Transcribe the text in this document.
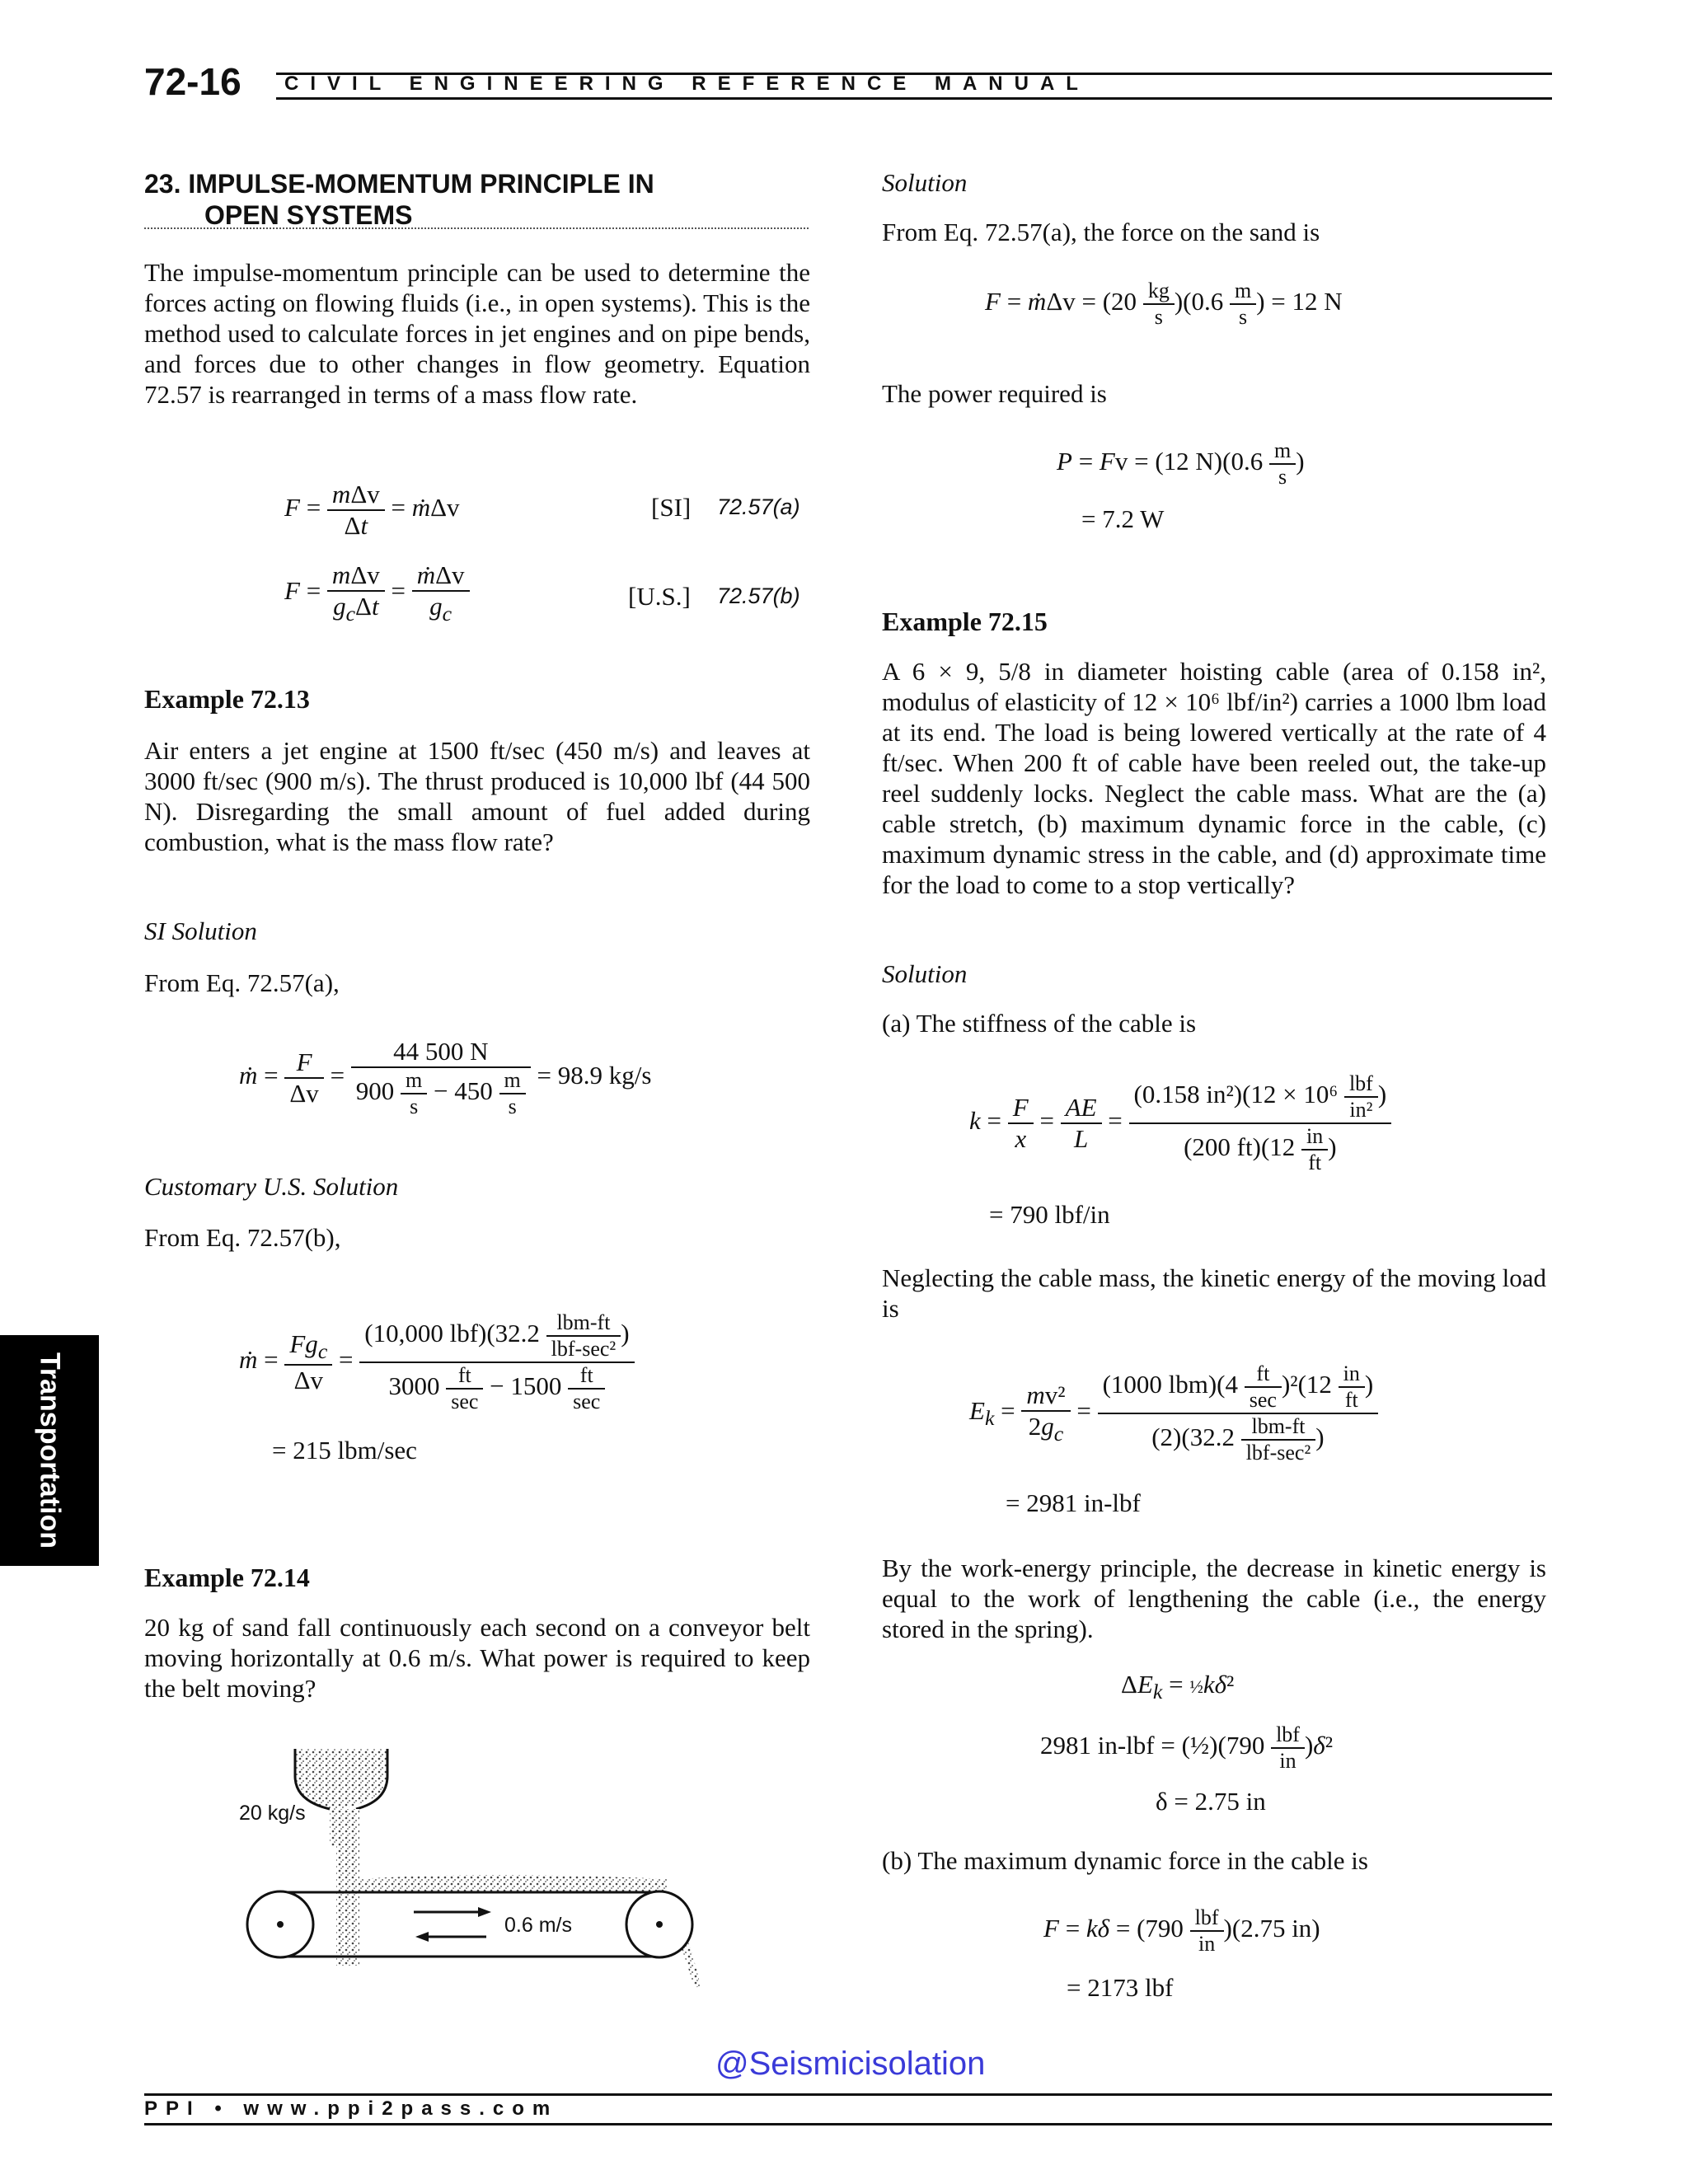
72-16 CIVIL ENGINEERING REFERENCE MANUAL
23. IMPULSE-MOMENTUM PRINCIPLE IN
OPEN SYSTEMS

The impulse-momentum principle can be used to determine the forces acting on flowing fluids (i.e., in open systems). This is the method used to calculate forces in jet engines and on pipe bends, and forces due to other changes in flow geometry. Equation 72.57 is rearranged in terms of a mass flow rate.

$F = \frac{\text{mΔv}}{\Delta t}$ = ṁΔv	[SI] 72.57(a)
$F = \frac{\text{mΔv}}{g_c\Delta t} = \frac{\text{ṁΔv}}{g_c}$	[U.S.] 72.57(b)
Example 72.13

Air enters a jet engine at 1500 ft/sec (450 m/s) and leaves at 3000 ft/sec (900 m/s). The thrust produced is 10,000 lbf (44 500 N). Disregarding the small amount of fuel added during combustion, what is the mass flow rate?

SI Solution
From Eq. 72.57(a),
ṁ = $\frac{F}{\Delta v} = \frac{44 500 N}{900 \frac{m}{s} - 450 \frac{m}{s}} = 98.9$ kg/s
Customary U.S. Solution
From Eq. 72.57(b),
ṁ = $\frac{Fg_c}{\Delta v} = \frac{(10,000 lbf)(32.2 \frac{\text{lbm-ft}}{\text{lbf-sec²}} )}{3000 \frac{ft}{\sec} - 1500 \frac{ft}{\sec}}$
= 215 lbm/sec
Example 72.14

20 kg of sand fall continuously each second on a conveyor belt moving horizontally at 0.6 m/s. What power is required to keep the belt moving?

20 kg/s
0.6 m/s
Solution
From Eq. 72.57(a), the force on the sand is
F = ṁΔv = $(20 \frac{kg}{s} )(0.6 \frac{m}{s}$ ) = 12 N
The power required is
P = Fv = (12 $N)(0.6 \frac{m}{s}$ )
= 7.2 W
Example 72.15

A 6 × 9, 5/8 in diameter hoisting cable (area of 0.158 in², modulus of elasticity of 12 × 10⁶ lbf/in²) carries a 1000 lbm load at its end. The load is being lowered vertically at the rate of 4 ft/sec. When 200 ft of cable have been reeled out, the take-up reel suddenly locks. Neglect the cable mass. What are the (a) cable stretch, (b) maximum dynamic force in the cable, (c) maximum dynamic stress in the cable, and (d) approximate time for the load to come to a stop vertically?

Solution
(a) The stiffness of the cable is
$k = \frac{F}{x} = \frac{AE}{L} = \frac{(0.158 in^2)(12 \times 10^6 \frac{\text{lbf}}{\text{in²}} )}{(200 ft)(12 \frac{in}{ft} )}$
= 790 lbf/in

Neglecting the cable mass, the kinetic energy of the moving load is

$E_k = \frac{\text{mv²}}{2g_c} = \frac{(1000 lbm)(4 \frac{ft}{\sec} )^2(12 \frac{in}{ft} )}{(2)(32.2 \frac{\text{lbm-ft}}{\text{lbf-sec²}} )}$
= 2981 in-lbf

By the work-energy principle, the decrease in kinetic energy is equal to the work of lengthening the cable (i.e., the energy stored in the spring).

$\Delta E_k$ = ½kδ²
2981 in-lbf = (½)(790 $\frac{\text{lbf}}{in} )\delta^2$
δ = 2.75 in
(b) The maximum dynamic force in the cable is
$F = k\delta = (790 \frac{\text{lbf}}{in} )(2.75$ in)
= 2173 lbf
Transportation
@Seismicisolation
PPI • www.ppi2pass.com
